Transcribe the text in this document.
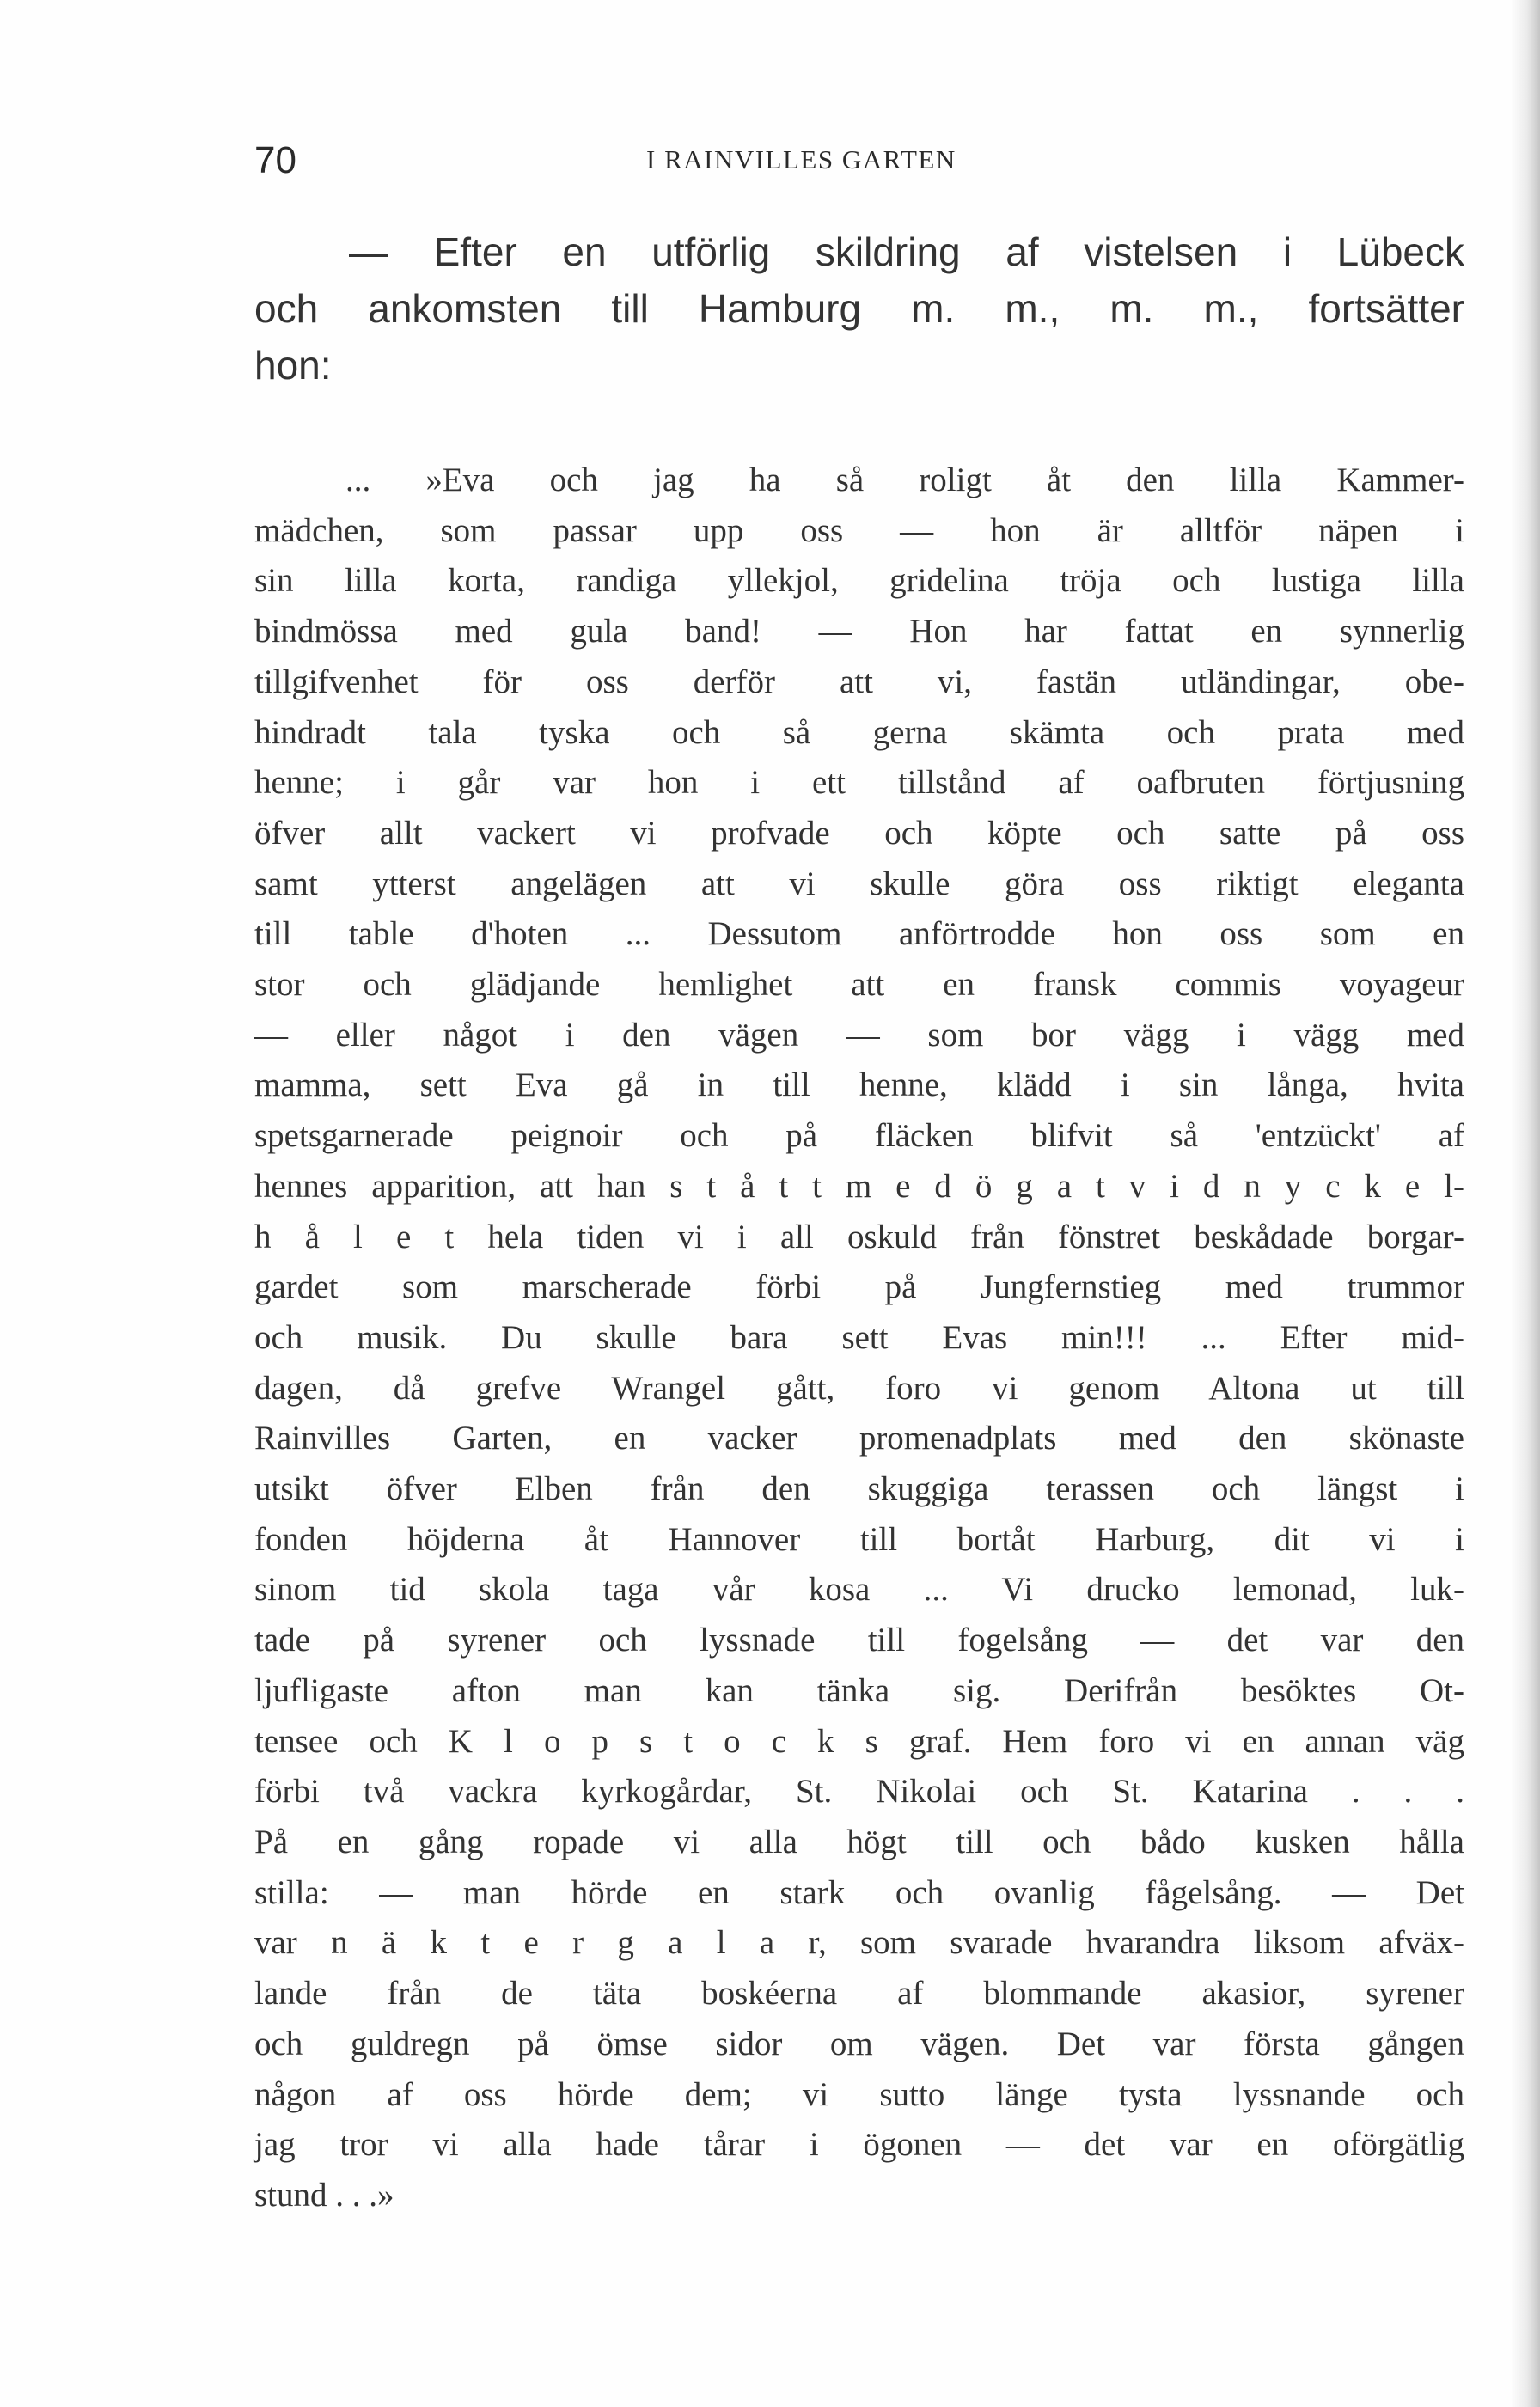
70	I RAINVILLES GARTEN
— Efter en utförlig skildring af vistelsen i Lübeck
och ankomsten till Hamburg m. m., m. m., fortsätter
hon:
... »Eva och jag ha så roligt åt den lilla Kammer-
mädchen, som passar upp oss — hon är alltför näpen i
sin lilla korta, randiga yllekjol, gridelina tröja och lustiga lilla
bindmössa med gula band! — Hon har fattat en synnerlig
tillgifvenhet för oss derför att vi, fastän utländingar, obe-
hindradt tala tyska och så gerna skämta och prata med
henne; i går var hon i ett tillstånd af oafbruten förtjusning
öfver allt vackert vi profvade och köpte och satte på oss
samt ytterst angelägen att vi skulle göra oss riktigt eleganta
till table d'hoten ... Dessutom anförtrodde hon oss som en
stor och glädjande hemlighet att en fransk commis voyageur
— eller något i den vägen — som bor vägg i vägg med
mamma, sett Eva gå in till henne, klädd i sin långa, hvita
spetsgarnerade peignoir och på fläcken blifvit så 'entzückt' af
hennes apparition, att han s t å t t m e d ö g a t v i d n y c k e l-
h å l e t hela tiden vi i all oskuld från fönstret beskådade borgar-
gardet som marscherade förbi på Jungfernstieg med trummor
och musik. Du skulle bara sett Evas min!!! ... Efter mid-
dagen, då grefve Wrangel gått, foro vi genom Altona ut till
Rainvilles Garten, en vacker promenadplats med den skönaste
utsikt öfver Elben från den skuggiga terassen och längst i
fonden höjderna åt Hannover till bortåt Harburg, dit vi i
sinom tid skola taga vår kosa ... Vi drucko lemonad, luk-
tade på syrener och lyssnade till fogelsång — det var den
ljufligaste afton man kan tänka sig. Derifrån besöktes Ot-
tensee och K l o p s t o c k s graf. Hem foro vi en annan väg
förbi två vackra kyrkogårdar, St. Nikolai och St. Katarina . . .
På en gång ropade vi alla högt till och bådo kusken hålla
stilla: — man hörde en stark och ovanlig fågelsång. — Det
var n ä k t e r g a l a r, som svarade hvarandra liksom afväx-
lande från de täta boskéerna af blommande akasior, syrener
och guldregn på ömse sidor om vägen. Det var första gången
någon af oss hörde dem; vi sutto länge tysta lyssnande och
jag tror vi alla hade tårar i ögonen — det var en oförgätlig
stund . . .»
